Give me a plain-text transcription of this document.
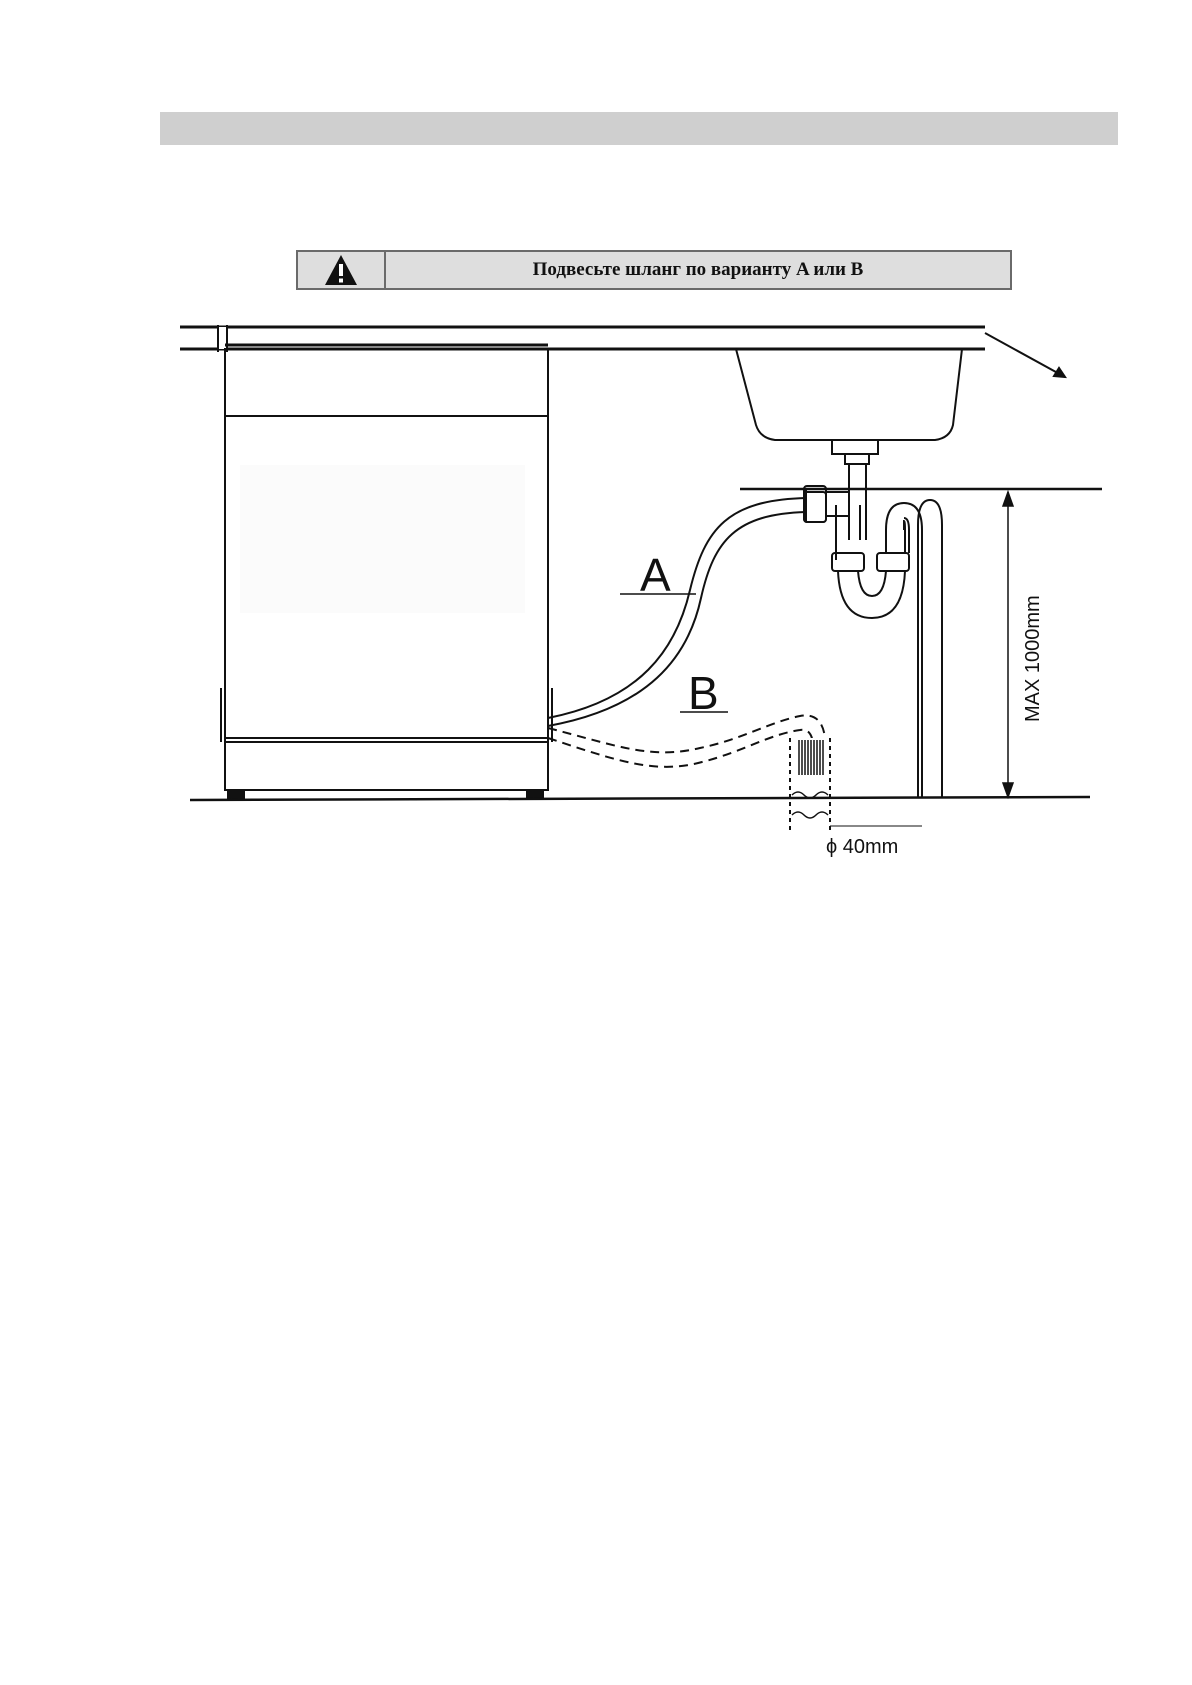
Подвесьте шланг по варианту A или B
A
B	MAX 1000mm
ϕ 40mm
